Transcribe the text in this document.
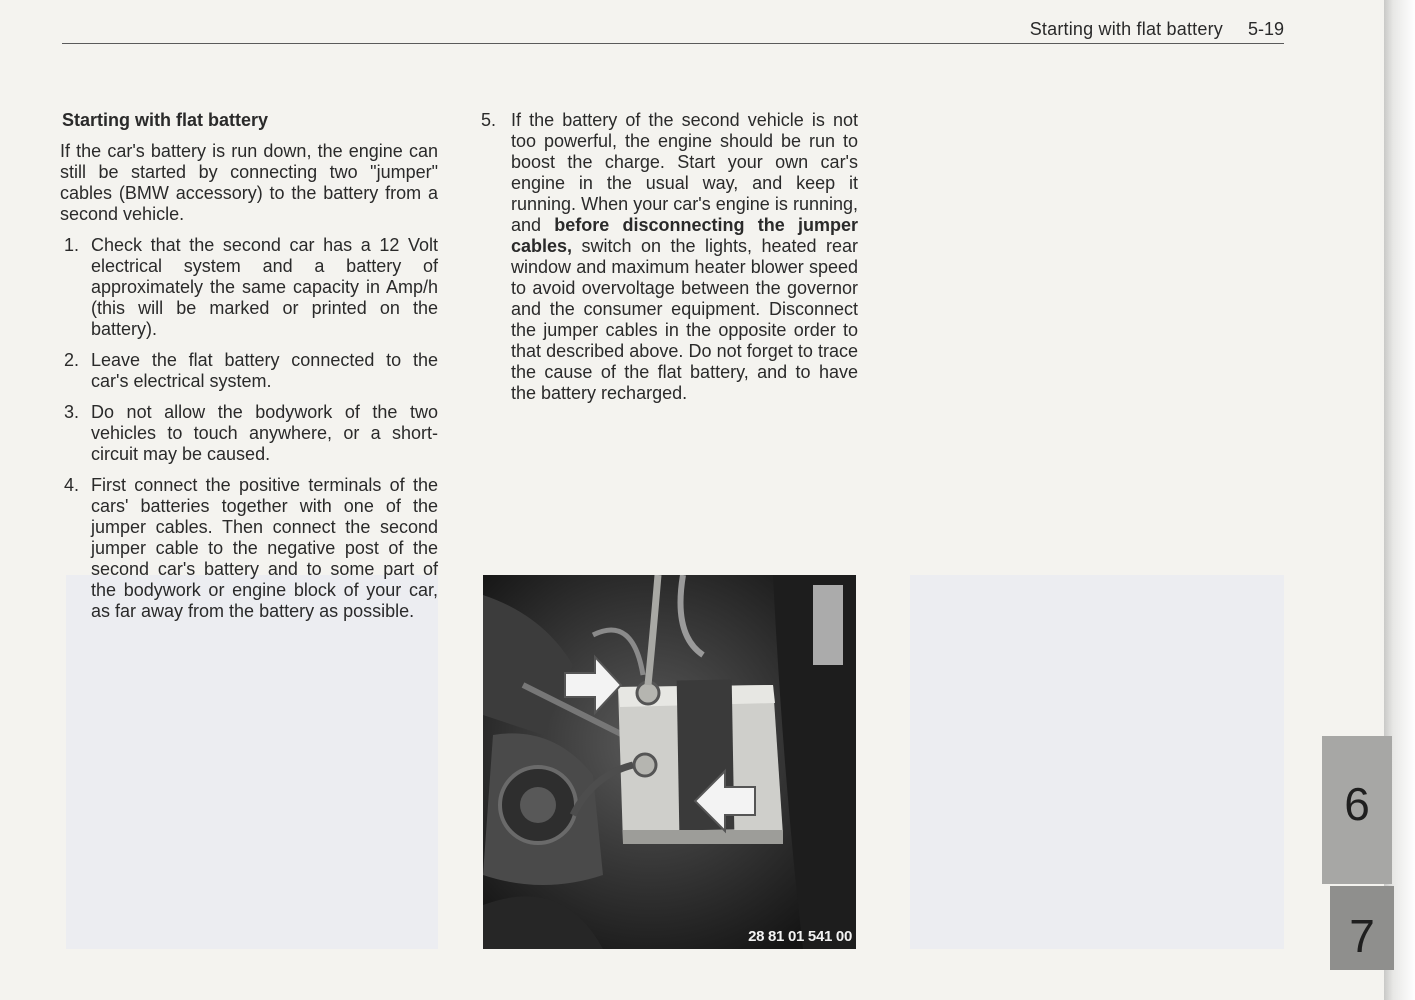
Starting with flat battery 5-19
Starting with flat battery
If the car's battery is run down, the engine can still be started by connecting two "jumper" cables (BMW accessory) to the battery from a second vehicle.
1. Check that the second car has a 12 Volt electrical system and a battery of approximately the same capacity in Amp/h (this will be marked or printed on the battery).
2. Leave the flat battery connected to the car's electrical system.
3. Do not allow the bodywork of the two vehicles to touch anywhere, or a short-circuit may be caused.
4. First connect the positive terminals of the cars' batteries together with one of the jumper cables. Then connect the second jumper cable to the negative post of the second car's battery and to some part of the bodywork or engine block of your car, as far away from the battery as possible.
5. If the battery of the second vehicle is not too powerful, the engine should be run to boost the charge. Start your own car's engine in the usual way, and keep it running. When your car's engine is running, and before disconnecting the jumper cables, switch on the lights, heated rear window and maximum heater blower speed to avoid overvoltage between the governor and the consumer equipment. Disconnect the jumper cables in the opposite order to that described above. Do not forget to trace the cause of the flat battery, and to have the battery recharged.
28 81 01 541 00
6
7
